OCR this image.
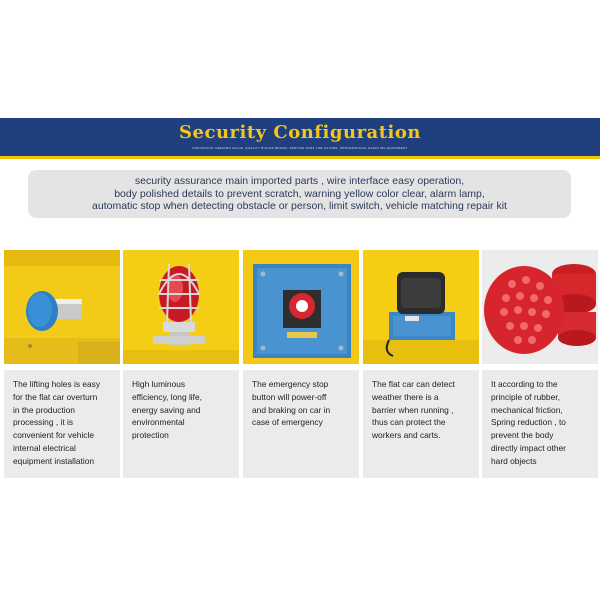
Security Configuration
INNOVATION CREATES VALUE, QUALITY BUILDS BRAND, SERVICE WINS THE FUTURE, PROFESSIONAL HANDLING EQUIPMENT
security assurance main imported parts , wire interface easy operation,
body polished details to prevent scratch, warning yellow color clear, alarm lamp,
automatic stop when detecting obstacle or person, limit switch, vehicle matching repair kit
The lifting holes is easy
for the flat car overturn
in the production
processing , it is
convenient for vehicle
internal electrical
equipment installation
High luminous
efficiency, long life,
energy saving and
environmental
protection
The emergency stop
button will power-off
and braking on car in
case of emergency
The flat car can detect
weather there is a
barrier when running ,
thus can protect the
workers and carts.
It according to the
principle of rubber,
mechanical friction,
Spring reduction , to
prevent the body
directly impact other
hard objects
